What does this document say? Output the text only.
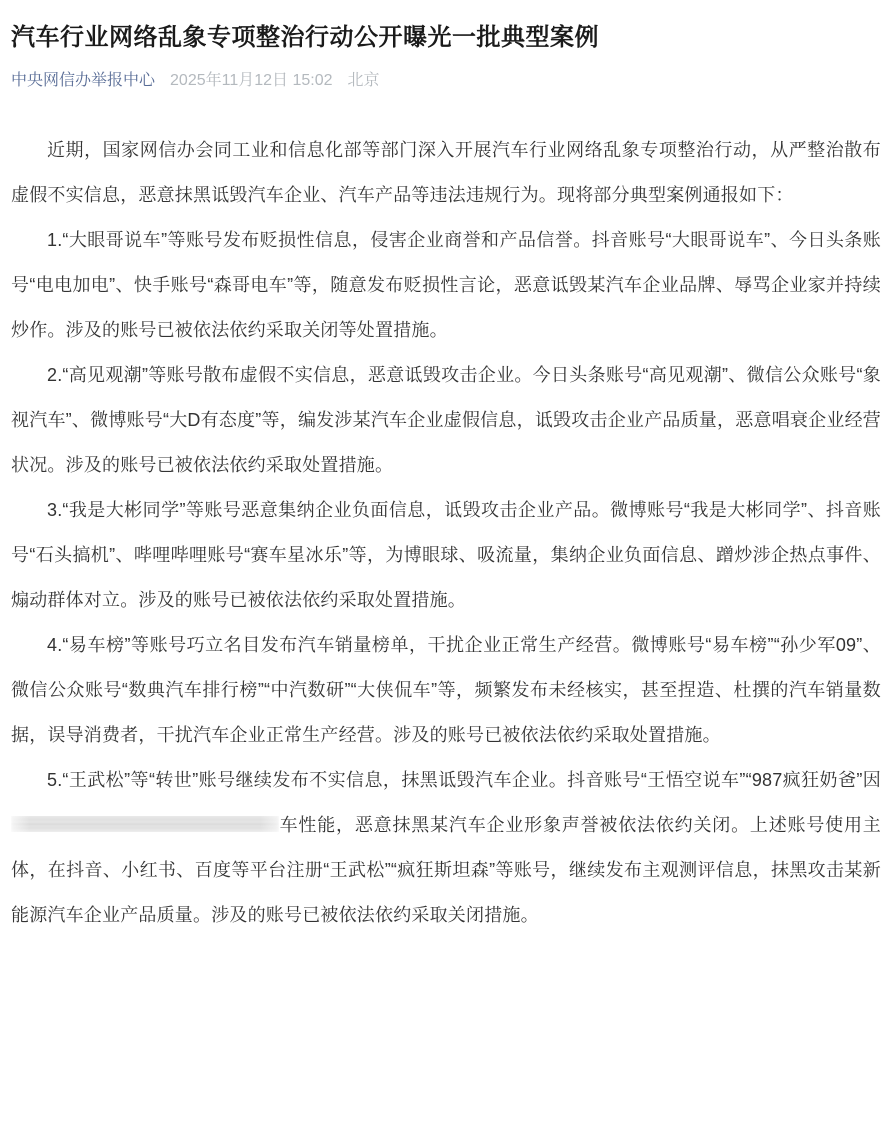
汽车行业网络乱象专项整治行动公开曝光一批典型案例
中央网信办举报中心 2025年11月12日 15:02 北京

近期，国家网信办会同工业和信息化部等部门深入开展汽车行业网络乱象专项整治行动，从严整治散布虚假不实信息，恶意抹黑诋毁汽车企业、汽车产品等违法违规行为。现将部分典型案例通报如下：

1.“大眼哥说车”等账号发布贬损性信息，侵害企业商誉和产品信誉。抖音账号“大眼哥说车”、今日头条账号“电电加电”、快手账号“森哥电车”等，随意发布贬损性言论，恶意诋毁某汽车企业品牌、辱骂企业家并持续炒作。涉及的账号已被依法依约采取关闭等处置措施。

2.“高见观潮”等账号散布虚假不实信息，恶意诋毁攻击企业。今日头条账号“高见观潮”、微信公众账号“象视汽车”、微博账号“大D有态度”等，编发涉某汽车企业虚假信息，诋毁攻击企业产品质量，恶意唱衰企业经营状况。涉及的账号已被依法依约采取处置措施。

3.“我是大彬同学”等账号恶意集纳企业负面信息，诋毁攻击企业产品。微博账号“我是大彬同学”、抖音账号“石头搞机”、哔哩哔哩账号“赛车星冰乐”等，为博眼球、吸流量，集纳企业负面信息、蹭炒涉企热点事件、煽动群体对立。涉及的账号已被依法依约采取处置措施。

4.“易车榜”等账号巧立名目发布汽车销量榜单，干扰企业正常生产经营。微博账号“易车榜”“孙少军09”、微信公众账号“数典汽车排行榜”“中汽数研”“大侠侃车”等，频繁发布未经核实，甚至捏造、杜撰的汽车销量数据，误导消费者，干扰汽车企业正常生产经营。涉及的账号已被依法依约采取处置措施。

5.“王武松”等“转世”账号继续发布不实信息，抹黑诋毁汽车企业。抖音账号“王悟空说车”“987疯狂奶爸”因车性能，恶意抹黑某汽车企业形象声誉被依法依约关闭。上述账号使用主体，在抖音、小红书、百度等平台注册“王武松”“疯狂斯坦森”等账号，继续发布主观测评信息，抹黑攻击某新能源汽车企业产品质量。涉及的账号已被依法依约采取关闭措施。
